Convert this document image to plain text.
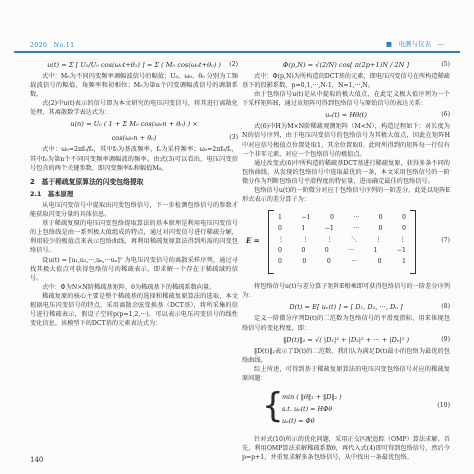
2020　No.11	■　电测与仪表　—
u(t) = Σ [ U₀/U₀ cos(ω₀t+θ₁) ] = Σ ( M₀ cos(ω₀t+θ₀) ) (2)

式中：M₀为不同闪变频率调幅波信号的幅值；U₀、ω₀、θ₀ 分别为工频载波信号的幅值、角频率和初相位；M₀为第n个闪变调幅波信号的调制系数。

式(2)中u(t)表示的信号即为本文研究的电压闪变信号，将其进行离散化处理，其离散数学表达式为：

u(n) = U₀ ( 1 + Σ M₀ cos(ω₀n + θ₀) ) ×
cos(ω₀n + θ₀)	(3)

式中：ω₀=2πf₀/fₛ，其中f₀为基波频率，fₛ为采样频率；ω₀=2πf₀/fₛ，其中f₀为第n个不同闪变频率调幅波的频率。由式(3)可以看出，电压闪变信号包含的两个关键参数，即闪变频率f₀和幅值M₀。

2　基于稀疏复原算法的闪变包络提取
2.1　基本原理

从电压闪变信号中提取出闪变包络信号，下一步检测包络信号的参数才能获取闪变分量的具体信息。

基于稀疏复原的电压闪变包络提取算法的基本原理是利用电压闪变信号的上包络线是由一系列极大值组成的特点，通过对闪变信号进行稀疏分解，利用较少的极值点来表示包络曲线，再利用稀疏复原算法得到所需的闪变包络信号。

设u(t) = [u₁,u₂,···,uₙ,···uₙ]ᵀ 为电压闪变信号的离散采样序列，通过寻找其极大值点可获得包络信号的稀疏表示，即求解一个存在于稀疏域的信号。

式中：Φ为N×N阶稀疏基矩阵，θ为稀疏基下的稀疏系数向量。

稀疏复原的核心主要是整个稀疏基的选择和稀疏复原算法的选取，本文根据电压闪变信号的特点，采用离散余弦变换基（DCT基），将所采集的信号进行稀疏表示，假设子空间p(p=1,2,···)，可以表示电压闪变信号的线性变化信息。该模型下的DCT基的元素表达式为：

Φ(p,N) = √(2/N) cos[ π(2p+1)N / 2N ]	(5)

式中：Φ(p,N)为所构造的DCT基的元素，即电压闪变信号在所构造稀疏基下的投影系数，p=0,1,···,N-1，N=1,···,N。

由于包络信号u(t)是从中提取的极大值点，在此定义极大值序列为一个下采样矩阵H，通过该矩阵可得到包络信号与原始信号的表达关系：

uₑ(t) = Hθ(t)	(6)

式(6)中H为M×N阶稀疏观测矩阵（M<N），构造过程如下：对长度为N的信号序列，由于电压闪变信号的包络信号为其极大值点，因此在矩阵H中对应信号极值点位置处取1，其余位置取0。此时所得到的矩阵每一行仅有一个非零元素，对应一个包络信号的极值点。

通过改变式(6)中所构造的稀疏基DCT基进行稀疏复原，获得多条不同的包络曲线，从发现的包络信号中选取最优的一条，本文采用包络信号的一阶微分作为判断包络信号平滑程度的特征量，进而确定最佳的包络信号。

包络信号u(t)的一阶微分对应于包络信号序列的一阶差分，此处以矩阵E形式表示的差分算子为：

E =
1	−1	0	···	0	0
0	1	−1	···	0	0
⋮	⋮	⋮	⋱	⋮	⋮
0	0	0	···	1	−1
0	0	0	···	0	1
(7)

将包络信号u(t)与差分算子矩阵E相乘即可获得包络信号的一阶差分序列为：

D(t) = E[ uₑ(t) ] = [ D₁, D₂, ···, Dₙ ]	(8)

定义一阶微分序列D(t)的二范数为包络信号的平滑度指标，用来体现包络信号的变化程度，即：

‖D(t)‖₂ = √( |D₁|² + |D₂|² + ··· + |Dₙ|² )	(9)

‖D(t)‖₂表示了D(t)的二范数，我们认为满足D(t)最小的包络为最优的包络曲线。

综上所述，可得到基于稀疏复原算法的电压闪变包络信号对应的稀疏复原问题：

{
min ( ‖θ‖₁ + ‖D‖₂ )
s.t. uₑ(t) = HΦθ
uₑ(t) = Φθ
(10)

针对式(10)所示的优化问题，采用正交匹配追踪（OMP）算法求解。首先，利用OMP算法求解稀疏系数θ，再代入式(4)即可得到包络信号，然后令p=p+1，并重复求解多条包络信号，从中找出一条最优包络。

140
